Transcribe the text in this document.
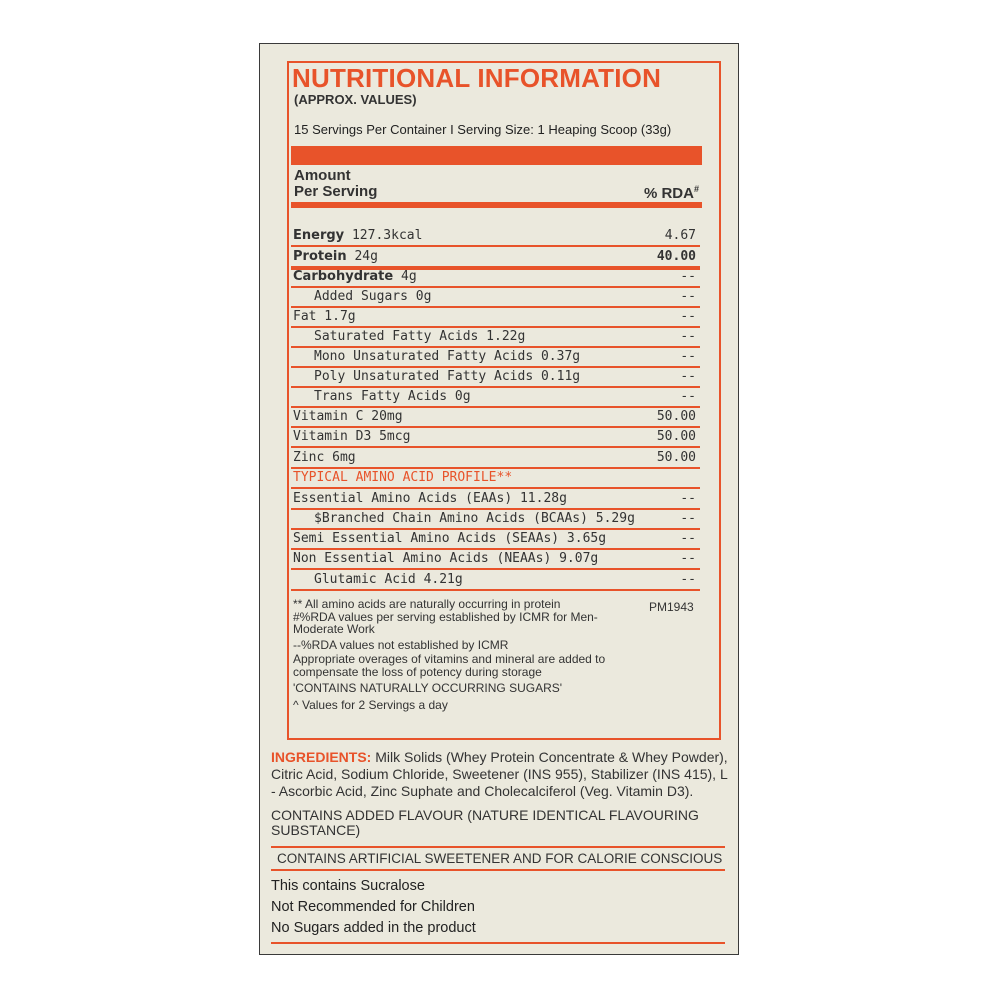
NUTRITIONAL INFORMATION
(APPROX. VALUES)
15 Servings Per Container I Serving Size: 1 Heaping Scoop (33g)
Amount
Per Serving	% RDA#
Energy 127.3kcal	4.67
Protein 24g	40.00
Carbohydrate 4g	--
Added Sugars 0g	--
Fat 1.7g	--
Saturated Fatty Acids 1.22g	--
Mono Unsaturated Fatty Acids 0.37g	--
Poly Unsaturated Fatty Acids 0.11g	--
Trans Fatty Acids 0g	--
Vitamin C 20mg	50.00
Vitamin D3 5mcg	50.00
Zinc 6mg	50.00
TYPICAL AMINO ACID PROFILE**
Essential Amino Acids (EAAs) 11.28g	--
$Branched Chain Amino Acids (BCAAs) 5.29g	--
Semi Essential Amino Acids (SEAAs) 3.65g	--
Non Essential Amino Acids (NEAAs) 9.07g	--
Glutamic Acid 4.21g	--

** All amino acids are naturally occurring in protein

#%RDA values per serving established by ICMR for Men-Moderate Work

--%RDA values not established by ICMR

Appropriate overages of vitamins and mineral are added to compensate the loss of potency during storage

'CONTAINS NATURALLY OCCURRING SUGARS'

^ Values for 2 Servings a day

PM1943
INGREDIENTS: Milk Solids (Whey Protein Concentrate & Whey Powder), Citric Acid, Sodium Chloride, Sweetener (INS 955), Stabilizer (INS 415), L - Ascorbic Acid, Zinc Suphate and Cholecalciferol (Veg. Vitamin D3).
CONTAINS ADDED FLAVOUR (NATURE IDENTICAL FLAVOURING SUBSTANCE)
CONTAINS ARTIFICIAL SWEETENER AND FOR CALORIE CONSCIOUS

This contains Sucralose

Not Recommended for Children

No Sugars added in the product
